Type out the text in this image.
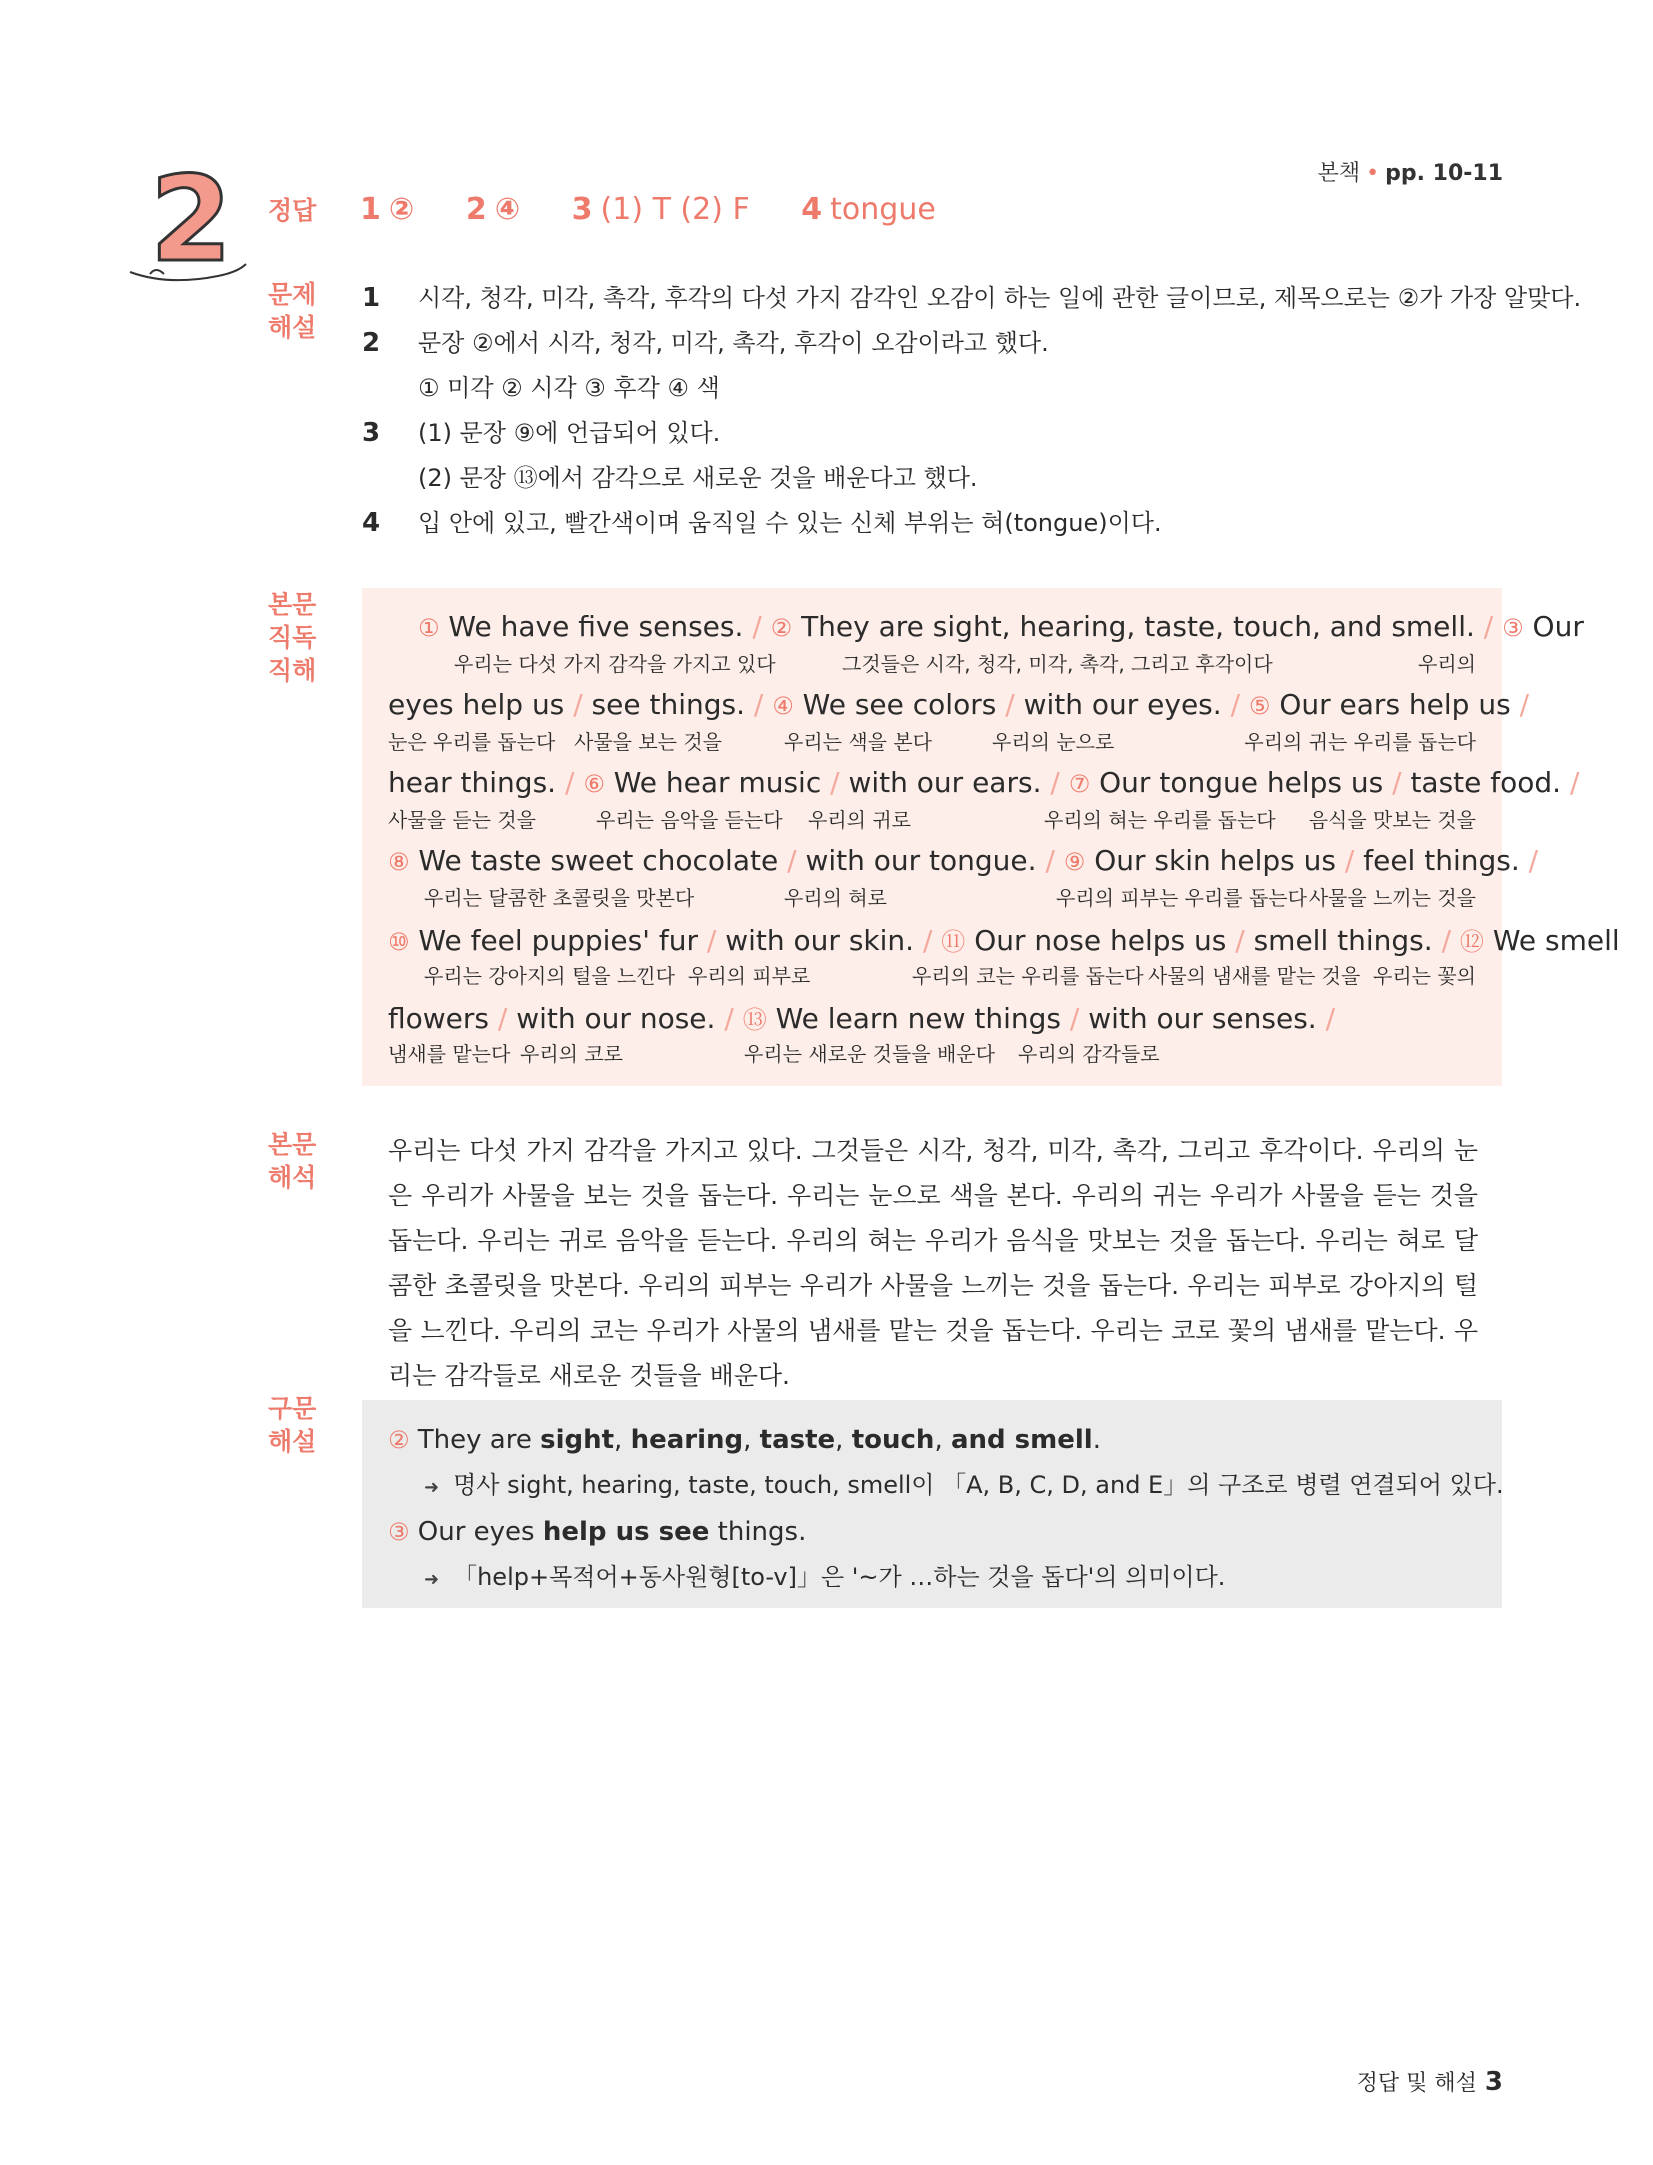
본책 • pp. 10-11
2 정답	1 ② 2 ④ 3 (1) T (2) F 4 tongue
문제
해설
1 시각, 청각, 미각, 촉각, 후각의 다섯 가지 감각인 오감이 하는 일에 관한 글이므로, 제목으로는 ②가 가장 알맞다.
2 문장 ②에서 시각, 청각, 미각, 촉각, 후각이 오감이라고 했다.
① 미각 ② 시각 ③ 후각 ④ 색
3 (1) 문장 ⑨에 언급되어 있다.
(2) 문장 ⑬에서 감각으로 새로운 것을 배운다고 했다.
4 입 안에 있고, 빨간색이며 움직일 수 있는 신체 부위는 혀(tongue)이다.
본문
직독
직해
① We have five senses. / ② They are sight, hearing, taste, touch, and smell. / ③ Our
우리는 다섯 가지 감각을 가지고 있다	그것들은 시각, 청각, 미각, 촉각, 그리고 후각이다	우리의
eyes help us / see things. / ④ We see colors / with our eyes. / ⑤ Our ears help us /
눈은 우리를 돕는다 사물을 보는 것을	우리는 색을 본다	우리의 눈으로	우리의 귀는 우리를 돕는다
hear things. / ⑥ We hear music / with our ears. / ⑦ Our tongue helps us / taste food. /
사물을 듣는 것을	우리는 음악을 듣는다 우리의 귀로	우리의 혀는 우리를 돕는다 음식을 맛보는 것을
⑧ We taste sweet chocolate / with our tongue. / ⑨ Our skin helps us / feel things. /
우리는 달콤한 초콜릿을 맛본다	우리의 혀로	우리의 피부는 우리를 돕는다 사물을 느끼는 것을
⑩ We feel puppies' fur / with our skin. / ⑪ Our nose helps us / smell things. / ⑫ We smell
우리는 강아지의 털을 느낀다 우리의 피부로	우리의 코는 우리를 돕는다 사물의 냄새를 맡는 것을 우리는 꽃의
flowers / with our nose. / ⑬ We learn new things / with our senses. /
냄새를 맡는다 우리의 코로	우리는 새로운 것들을 배운다 우리의 감각들로
본문
해석
우리는 다섯 가지 감각을 가지고 있다. 그것들은 시각, 청각, 미각, 촉각, 그리고 후각이다. 우리의 눈은 우리가 사물을 보는 것을 돕는다. 우리는 눈으로 색을 본다. 우리의 귀는 우리가 사물을 듣는 것을 돕는다. 우리는 귀로 음악을 듣는다. 우리의 혀는 우리가 음식을 맛보는 것을 돕는다. 우리는 혀로 달콤한 초콜릿을 맛본다. 우리의 피부는 우리가 사물을 느끼는 것을 돕는다. 우리는 피부로 강아지의 털을 느낀다. 우리의 코는 우리가 사물의 냄새를 맡는 것을 돕는다. 우리는 코로 꽃의 냄새를 맡는다. 우리는 감각들로 새로운 것들을 배운다.
구문
해설	② They are sight, hearing, taste, touch, and smell.
➜ 명사 sight, hearing, taste, touch, smell이 「A, B, C, D, and E」의 구조로 병렬 연결되어 있다.
③ Our eyes help us see things.
➜ 「help+목적어+동사원형[to-v]」은 '~가 …하는 것을 돕다'의 의미이다.
정답 및 해설 3
